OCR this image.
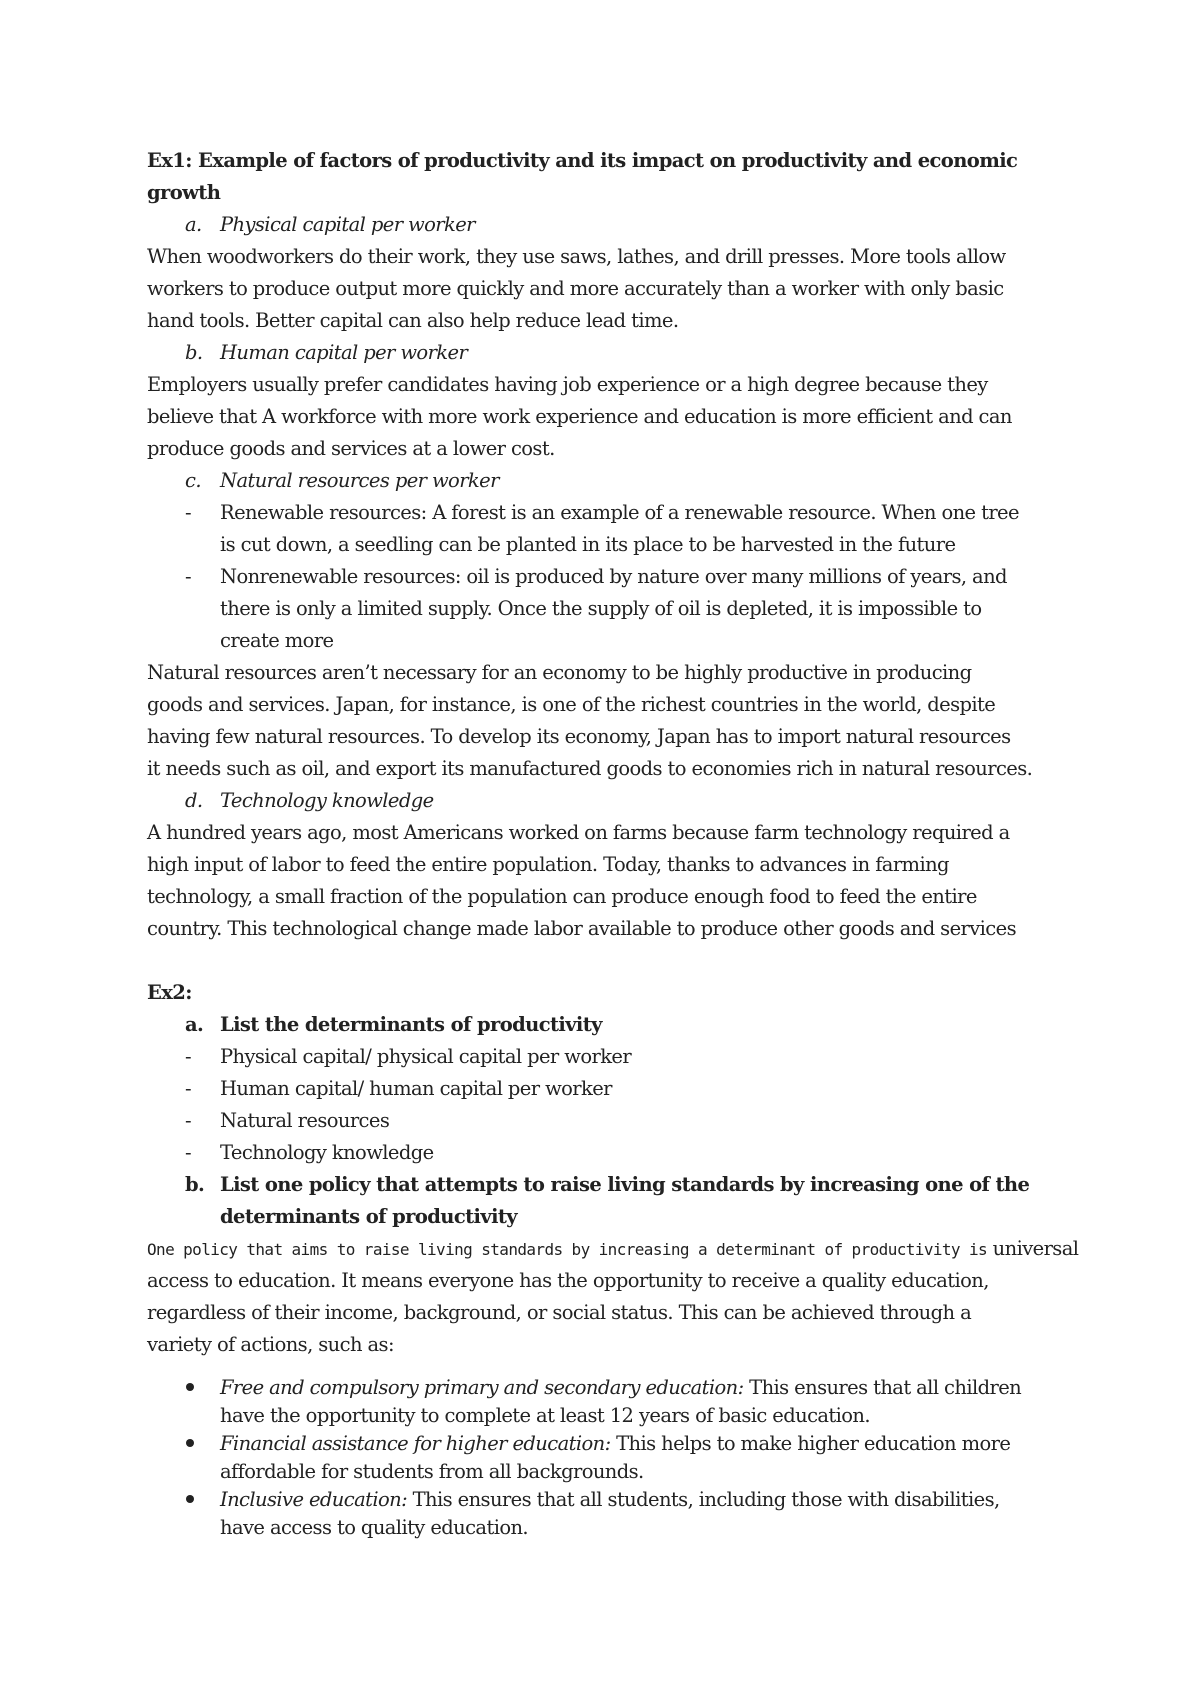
Ex1: Example of factors of productivity and its impact on productivity and economic
growth
a. Physical capital per worker
When woodworkers do their work, they use saws, lathes, and drill presses. More tools allow
workers to produce output more quickly and more accurately than a worker with only basic
hand tools. Better capital can also help reduce lead time.
b. Human capital per worker
Employers usually prefer candidates having job experience or a high degree because they
believe that A workforce with more work experience and education is more efficient and can
produce goods and services at a lower cost.
c. Natural resources per worker
- Renewable resources: A forest is an example of a renewable resource. When one tree
is cut down, a seedling can be planted in its place to be harvested in the future
- Nonrenewable resources: oil is produced by nature over many millions of years, and
there is only a limited supply. Once the supply of oil is depleted, it is impossible to
create more
Natural resources aren’t necessary for an economy to be highly productive in producing
goods and services. Japan, for instance, is one of the richest countries in the world, despite
having few natural resources. To develop its economy, Japan has to import natural resources
it needs such as oil, and export its manufactured goods to economies rich in natural resources.
d. Technology knowledge
A hundred years ago, most Americans worked on farms because farm technology required a
high input of labor to feed the entire population. Today, thanks to advances in farming
technology, a small fraction of the population can produce enough food to feed the entire
country. This technological change made labor available to produce other goods and services
Ex2:
a. List the determinants of productivity
- Physical capital/ physical capital per worker
- Human capital/ human capital per worker
- Natural resources
- Technology knowledge
b. List one policy that attempts to raise living standards by increasing one of the
determinants of productivity
One policy that aims to raise living standards by increasing a determinant of productivity is universal
access to education. It means everyone has the opportunity to receive a quality education,
regardless of their income, background, or social status. This can be achieved through a
variety of actions, such as:
Free and compulsory primary and secondary education: This ensures that all children
have the opportunity to complete at least 12 years of basic education.
Financial assistance for higher education: This helps to make higher education more
affordable for students from all backgrounds.
Inclusive education: This ensures that all students, including those with disabilities,
have access to quality education.
